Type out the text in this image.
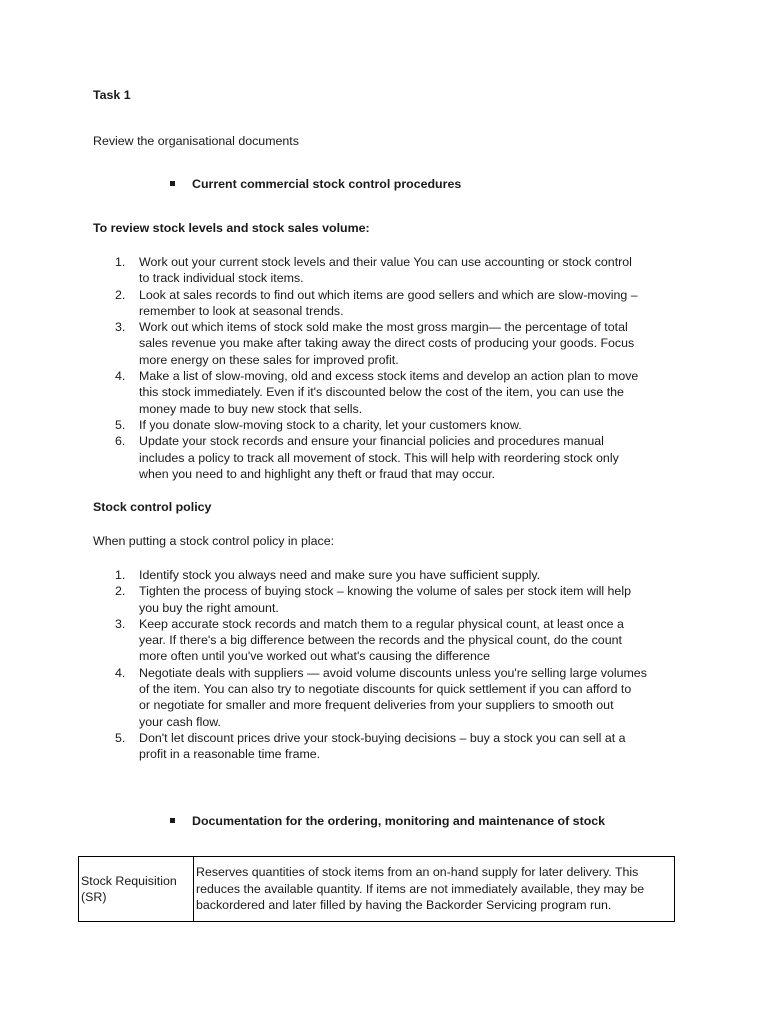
Task 1
Review the organisational documents
Current commercial stock control procedures
To review stock levels and stock sales volume:
1. Work out your current stock levels and their value You can use accounting or stock control
to track individual stock items.
2. Look at sales records to find out which items are good sellers and which are slow-moving –
remember to look at seasonal trends.
3. Work out which items of stock sold make the most gross margin— the percentage of total
sales revenue you make after taking away the direct costs of producing your goods. Focus
more energy on these sales for improved profit.
4. Make a list of slow-moving, old and excess stock items and develop an action plan to move
this stock immediately. Even if it's discounted below the cost of the item, you can use the
money made to buy new stock that sells.
5. If you donate slow-moving stock to a charity, let your customers know.
6. Update your stock records and ensure your financial policies and procedures manual
includes a policy to track all movement of stock. This will help with reordering stock only
when you need to and highlight any theft or fraud that may occur.
Stock control policy
When putting a stock control policy in place:
1. Identify stock you always need and make sure you have sufficient supply.
2. Tighten the process of buying stock – knowing the volume of sales per stock item will help
you buy the right amount.
3. Keep accurate stock records and match them to a regular physical count, at least once a
year. If there's a big difference between the records and the physical count, do the count
more often until you've worked out what's causing the difference
4. Negotiate deals with suppliers — avoid volume discounts unless you're selling large volumes
of the item. You can also try to negotiate discounts for quick settlement if you can afford to
or negotiate for smaller and more frequent deliveries from your suppliers to smooth out
your cash flow.
5. Don't let discount prices drive your stock-buying decisions – buy a stock you can sell at a
profit in a reasonable time frame.
Documentation for the ordering, monitoring and maintenance of stock
Stock Requisition
(SR)	Reserves quantities of stock items from an on-hand supply for later delivery. This
reduces the available quantity. If items are not immediately available, they may be
backordered and later filled by having the Backorder Servicing program run.
